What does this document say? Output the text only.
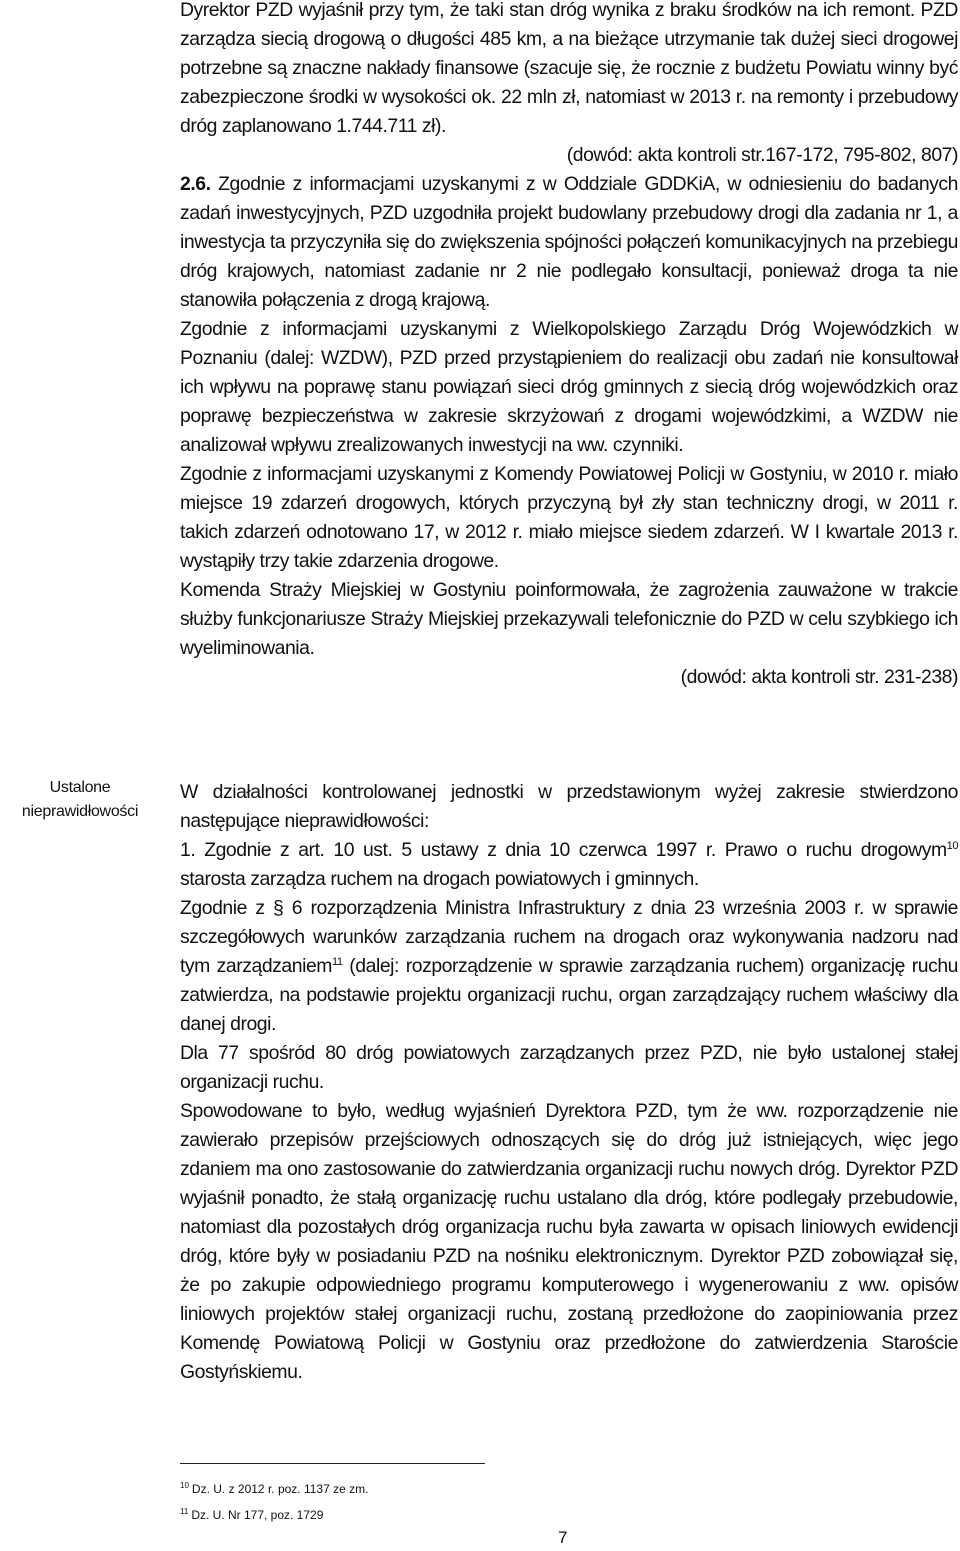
Dyrektor PZD wyjaśnił przy tym, że taki stan dróg wynika z braku środków na ich remont. PZD zarządza siecią drogową o długości 485 km, a na bieżące utrzymanie tak dużej sieci drogowej potrzebne są znaczne nakłady finansowe (szacuje się, że rocznie z budżetu Powiatu winny być zabezpieczone środki w wysokości ok. 22 mln zł, natomiast w 2013 r. na remonty i przebudowy dróg zaplanowano 1.744.711 zł).

(dowód: akta kontroli str.167-172, 795-802, 807)

2.6. Zgodnie z informacjami uzyskanymi z w Oddziale GDDKiA, w odniesieniu do badanych zadań inwestycyjnych, PZD uzgodniła projekt budowlany przebudowy drogi dla zadania nr 1, a inwestycja ta przyczyniła się do zwiększenia spójności połączeń komunikacyjnych na przebiegu dróg krajowych, natomiast zadanie nr 2 nie podlegało konsultacji, ponieważ droga ta nie stanowiła połączenia z drogą krajową.

Zgodnie z informacjami uzyskanymi z Wielkopolskiego Zarządu Dróg Wojewódzkich w Poznaniu (dalej: WZDW), PZD przed przystąpieniem do realizacji obu zadań nie konsultował ich wpływu na poprawę stanu powiązań sieci dróg gminnych z siecią dróg wojewódzkich oraz poprawę bezpieczeństwa w zakresie skrzyżowań z drogami wojewódzkimi, a WZDW nie analizował wpływu zrealizowanych inwestycji na ww. czynniki.

Zgodnie z informacjami uzyskanymi z Komendy Powiatowej Policji w Gostyniu, w 2010 r. miało miejsce 19 zdarzeń drogowych, których przyczyną był zły stan techniczny drogi, w 2011 r. takich zdarzeń odnotowano 17, w 2012 r. miało miejsce siedem zdarzeń. W I kwartale 2013 r. wystąpiły trzy takie zdarzenia drogowe.

Komenda Straży Miejskiej w Gostyniu poinformowała, że zagrożenia zauważone w trakcie służby funkcjonariusze Straży Miejskiej przekazywali telefonicznie do PZD w celu szybkiego ich wyeliminowania.

(dowód: akta kontroli str. 231-238)

Ustalone
nieprawidłowości

W działalności kontrolowanej jednostki w przedstawionym wyżej zakresie stwierdzono następujące nieprawidłowości:

1. Zgodnie z art. 10 ust. 5 ustawy z dnia 10 czerwca 1997 r. Prawo o ruchu drogowym$^{10}$ starosta zarządza ruchem na drogach powiatowych i gminnych.

Zgodnie z § 6 rozporządzenia Ministra Infrastruktury z dnia 23 września 2003 r. w sprawie szczegółowych warunków zarządzania ruchem na drogach oraz wykonywania nadzoru nad tym zarządzaniem$^{11}$ (dalej: rozporządzenie w sprawie zarządzania ruchem) organizację ruchu zatwierdza, na podstawie projektu organizacji ruchu, organ zarządzający ruchem właściwy dla danej drogi.

Dla 77 spośród 80 dróg powiatowych zarządzanych przez PZD, nie było ustalonej stałej organizacji ruchu.

Spowodowane to było, według wyjaśnień Dyrektora PZD, tym że ww. rozporządzenie nie zawierało przepisów przejściowych odnoszących się do dróg już istniejących, więc jego zdaniem ma ono zastosowanie do zatwierdzania organizacji ruchu nowych dróg. Dyrektor PZD wyjaśnił ponadto, że stałą organizację ruchu ustalano dla dróg, które podlegały przebudowie, natomiast dla pozostałych dróg organizacja ruchu była zawarta w opisach liniowych ewidencji dróg, które były w posiadaniu PZD na nośniku elektronicznym. Dyrektor PZD zobowiązał się, że po zakupie odpowiedniego programu komputerowego i wygenerowaniu z ww. opisów liniowych projektów stałej organizacji ruchu, zostaną przedłożone do zaopiniowania przez Komendę Powiatową Policji w Gostyniu oraz przedłożone do zatwierdzenia Staroście Gostyńskiemu.

$^{10}$ Dz. U. z 2012 r. poz. 1137 ze zm.
$^{11}$ Dz. U. Nr 177, poz. 1729
7
